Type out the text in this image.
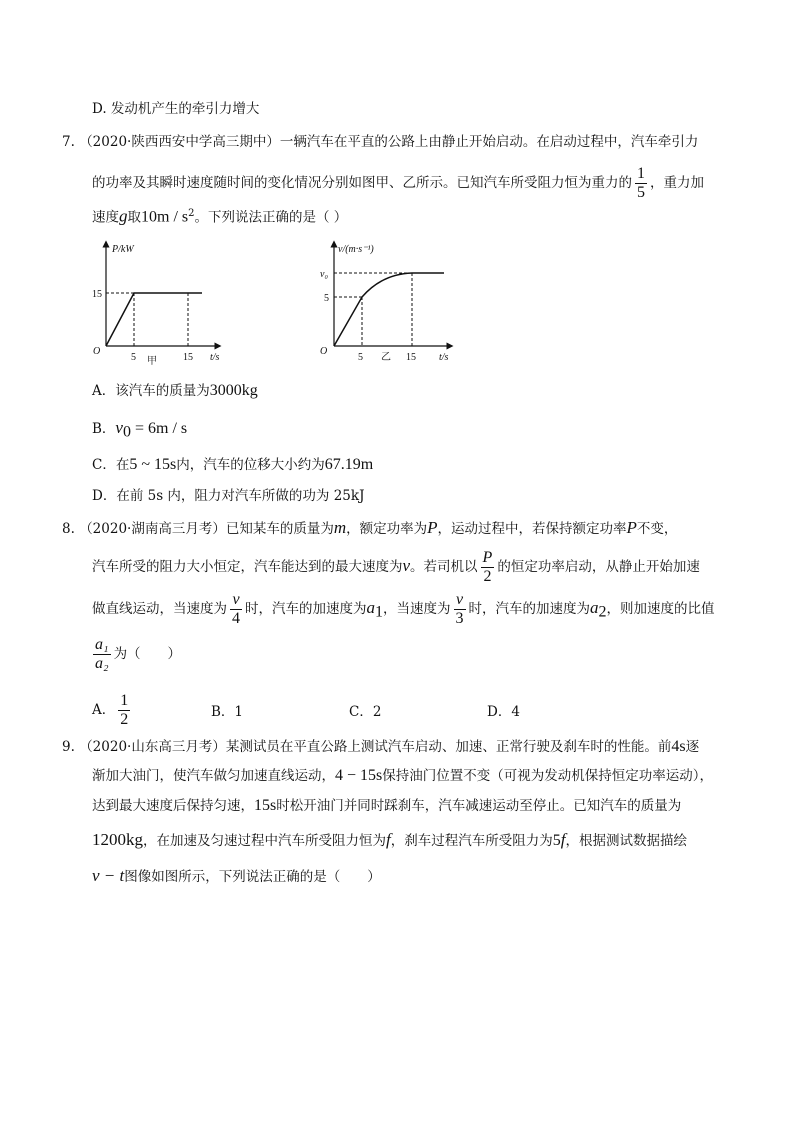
D. 发动机产生的牵引力增大
7. （2020·陕西西安中学高三期中）一辆汽车在平直的公路上由静止开始启动。在启动过程中，汽车牵引力
的功率及其瞬时速度随时间的变化情况分别如图甲、乙所示。已知汽车所受阻力恒为重力的 $\frac{1}{5}$ ，重力加
速度g取$10m / s^2$。下列说法正确的是（ ）
P/kW
t/s
O
15
5	15
甲
v/(m·s⁻¹)
t/s
O
v₀
5
5	15
乙
A．该汽车的质量为3000kg
B．$v_0 = 6m / s$
C．在5 ~ 15s内，汽车的位移大小约为67.19m
D．在前 5s 内，阻力对汽车所做的功为 25kJ
8. （2020·湖南高三月考）已知某车的质量为m，额定功率为P，运动过程中，若保持额定功率P不变，
汽车所受的阻力大小恒定，汽车能达到的最大速度为v。若司机以 $\frac{P}{2}$ 的恒定功率启动，从静止开始加速
做直线运动，当速度为 $\frac{v}{4}$ 时，汽车的加速度为$a_1$，当速度为 $\frac{v}{3}$ 时，汽车的加速度为$a_2$，则加速度的比值
$\frac{\text{a₁}}{\text{a₂}}$ 为（　　）
A． $\frac{1}{2}$	B．1	C．2	D．4
9. （2020·山东高三月考）某测试员在平直公路上测试汽车启动、加速、正常行驶及刹车时的性能。前4s逐
渐加大油门，使汽车做匀加速直线运动，4 − 15s保持油门位置不变（可视为发动机保持恒定功率运动），
达到最大速度后保持匀速，15s时松开油门并同时踩刹车，汽车减速运动至停止。已知汽车的质量为
1200kg，在加速及匀速过程中汽车所受阻力恒为f，刹车过程汽车所受阻力为5f，根据测试数据描绘
v − t图像如图所示，下列说法正确的是（　　）
